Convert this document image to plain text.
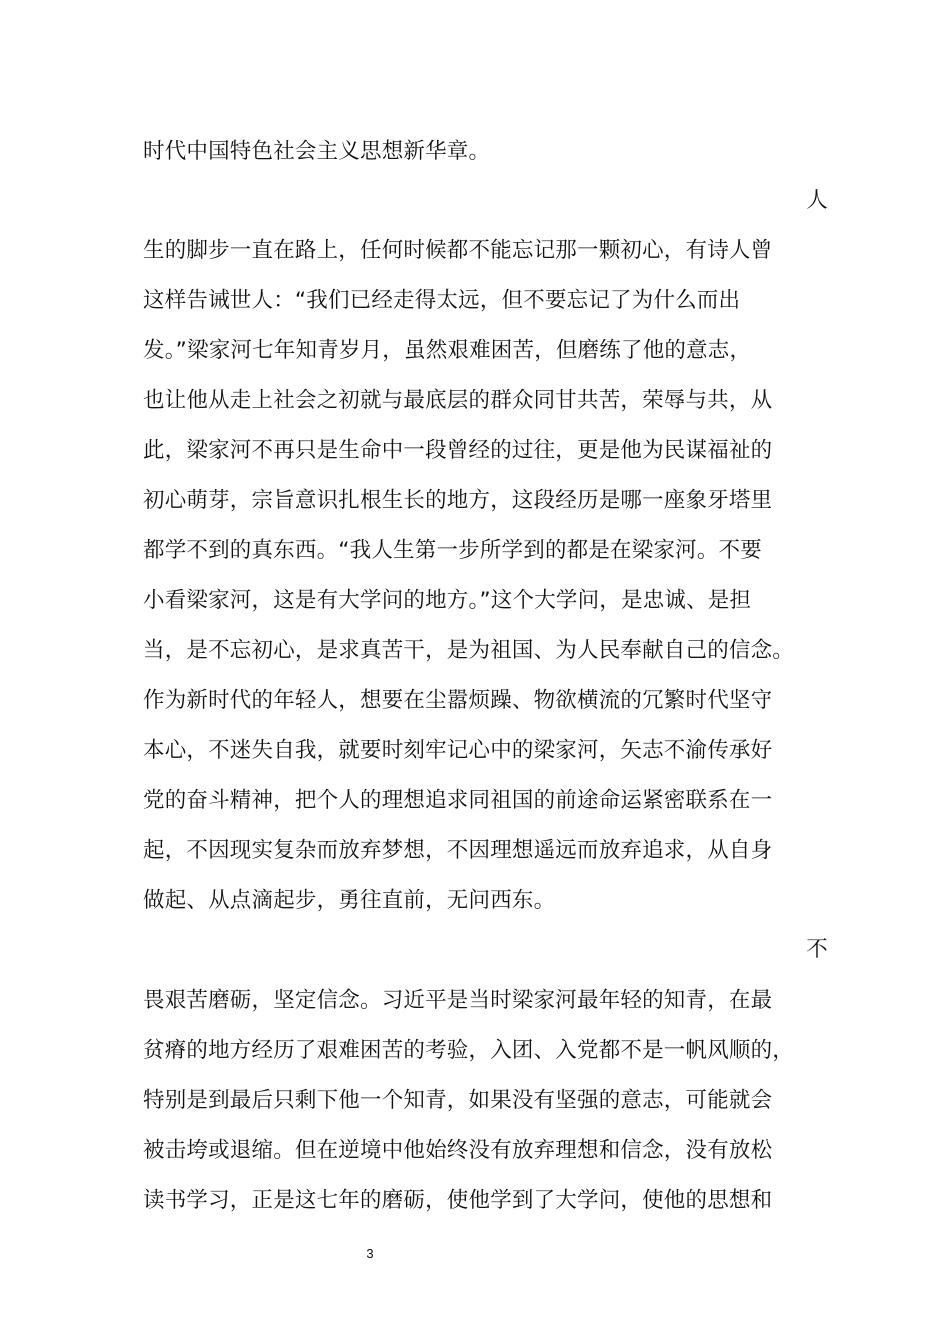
时代中国特色社会主义思想新华章。
人
生的脚步一直在路上，任何时候都不能忘记那一颗初心，有诗人曾
这样告诫世人：“我们已经走得太远，但不要忘记了为什么而出
发。”梁家河七年知青岁月，虽然艰难困苦，但磨练了他的意志，
也让他从走上社会之初就与最底层的群众同甘共苦，荣辱与共，从
此，梁家河不再只是生命中一段曾经的过往，更是他为民谋福祉的
初心萌芽，宗旨意识扎根生长的地方，这段经历是哪一座象牙塔里
都学不到的真东西。“我人生第一步所学到的都是在梁家河。不要
小看梁家河，这是有大学问的地方。”这个大学问，是忠诚、是担
当，是不忘初心，是求真苦干，是为祖国、为人民奉献自己的信念。
作为新时代的年轻人，想要在尘嚣烦躁、物欲横流的冗繁时代坚守
本心，不迷失自我，就要时刻牢记心中的梁家河，矢志不渝传承好
党的奋斗精神，把个人的理想追求同祖国的前途命运紧密联系在一
起，不因现实复杂而放弃梦想，不因理想遥远而放弃追求，从自身
做起、从点滴起步，勇往直前，无问西东。
不
畏艰苦磨砺，坚定信念。习近平是当时梁家河最年轻的知青，在最
贫瘠的地方经历了艰难困苦的考验，入团、入党都不是一帆风顺的，
特别是到最后只剩下他一个知青，如果没有坚强的意志，可能就会
被击垮或退缩。但在逆境中他始终没有放弃理想和信念，没有放松
读书学习，正是这七年的磨砺，使他学到了大学问，使他的思想和
3
